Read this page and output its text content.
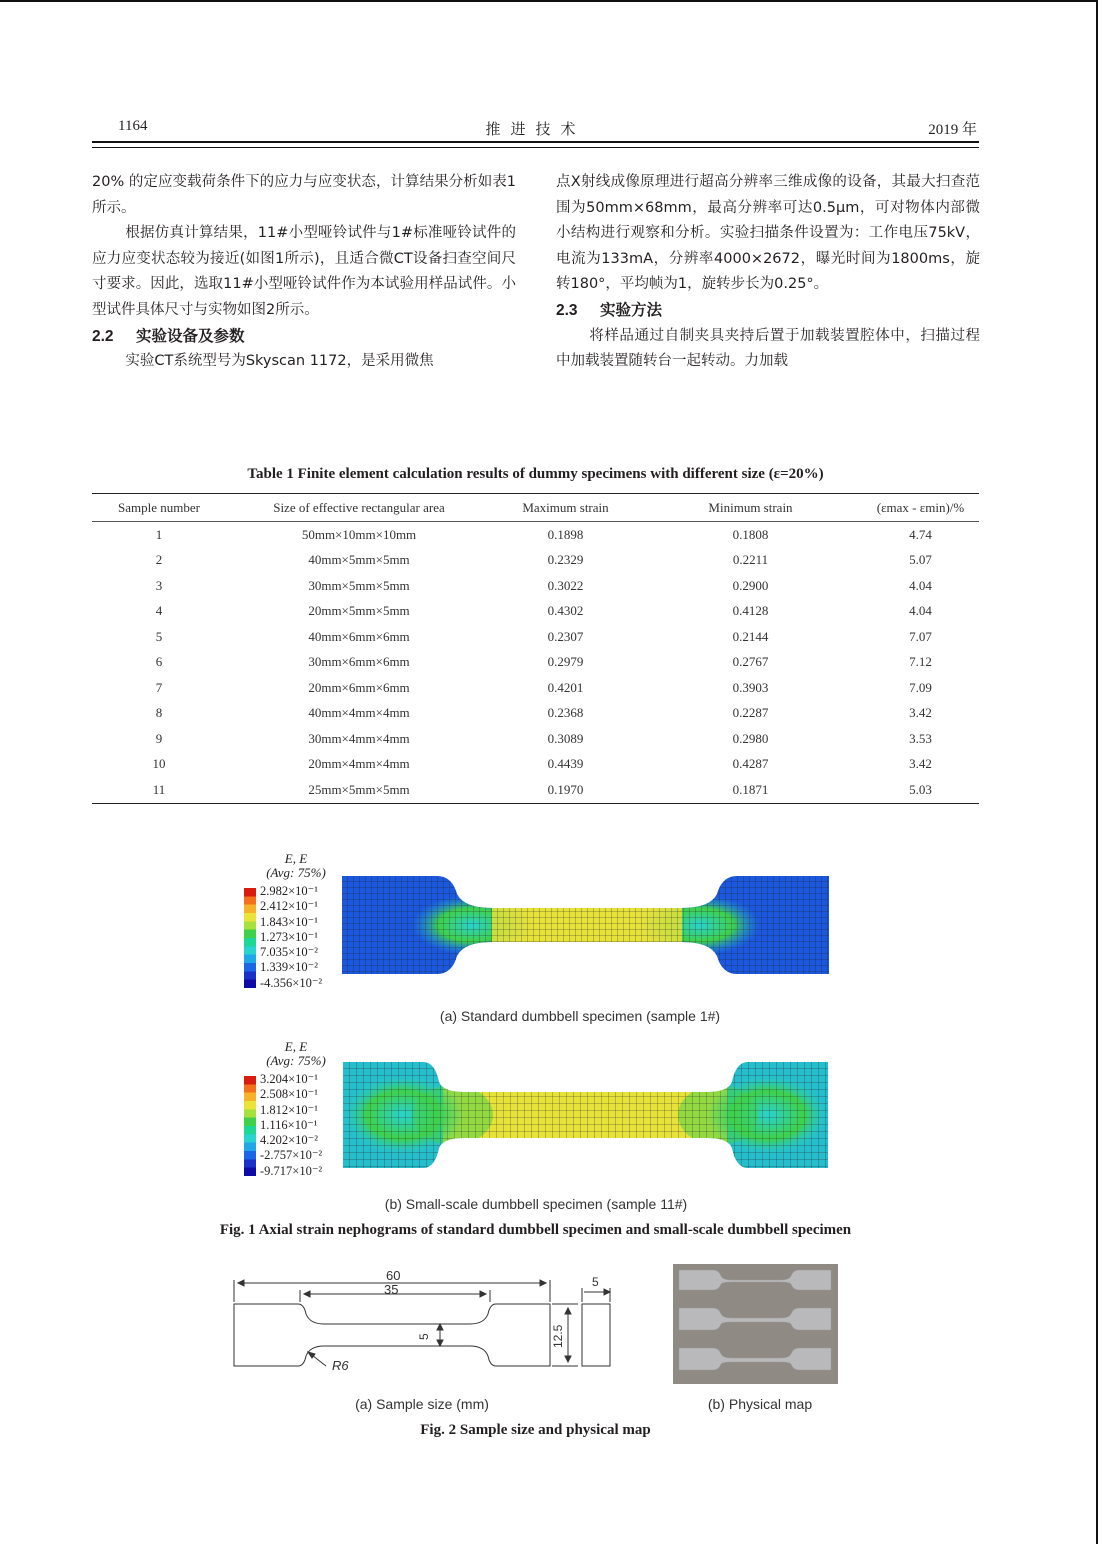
1164	推进技术	2019 年

20% 的定应变载荷条件下的应力与应变状态，计算结果分析如表1所示。

根据仿真计算结果，11#小型哑铃试件与1#标准哑铃试件的应力应变状态较为接近(如图1所示)，且适合微CT设备扫查空间尺寸要求。因此，选取11#小型哑铃试件作为本试验用样品试件。小型试件具体尺寸与实物如图2所示。

2.2 实验设备及参数

实验CT系统型号为Skyscan 1172，是采用微焦

点X射线成像原理进行超高分辨率三维成像的设备，其最大扫查范围为50mm×68mm，最高分辨率可达0.5μm，可对物体内部微小结构进行观察和分析。实验扫描条件设置为：工作电压75kV，电流为133mA，分辨率4000×2672，曝光时间为1800ms，旋转180°，平均帧为1，旋转步长为0.25°。

2.3 实验方法

将样品通过自制夹具夹持后置于加载装置腔体中，扫描过程中加载装置随转台一起转动。力加载

Table 1 Finite element calculation results of dummy specimens with different size (ε=20%)
Sample number	Size of effective rectangular area	Maximum strain	Minimum strain	(εmax - εmin)/%
1	50mm×10mm×10mm	0.1898	0.1808	4.74
2	40mm×5mm×5mm	0.2329	0.2211	5.07
3	30mm×5mm×5mm	0.3022	0.2900	4.04
4	20mm×5mm×5mm	0.4302	0.4128	4.04
5	40mm×6mm×6mm	0.2307	0.2144	7.07
6	30mm×6mm×6mm	0.2979	0.2767	7.12
7	20mm×6mm×6mm	0.4201	0.3903	7.09
8	40mm×4mm×4mm	0.2368	0.2287	3.42
9	30mm×4mm×4mm	0.3089	0.2980	3.53
10	20mm×4mm×4mm	0.4439	0.4287	3.42
11	25mm×5mm×5mm	0.1970	0.1871	5.03
E, E
(Avg: 75%)
2.982×10⁻¹
2.412×10⁻¹
1.843×10⁻¹
1.273×10⁻¹
7.035×10⁻²
1.339×10⁻²
-4.356×10⁻²
(a) Standard dumbbell specimen (sample 1#)
E, E
(Avg: 75%)
3.204×10⁻¹
2.508×10⁻¹
1.812×10⁻¹
1.116×10⁻¹
4.202×10⁻²
-2.757×10⁻²
-9.717×10⁻²
(b) Small-scale dumbbell specimen (sample 11#)
Fig. 1 Axial strain nephograms of standard dumbbell specimen and small-scale dumbbell specimen
60
35
5
5
12.5
R6
(a) Sample size (mm)	(b) Physical map
Fig. 2 Sample size and physical map
